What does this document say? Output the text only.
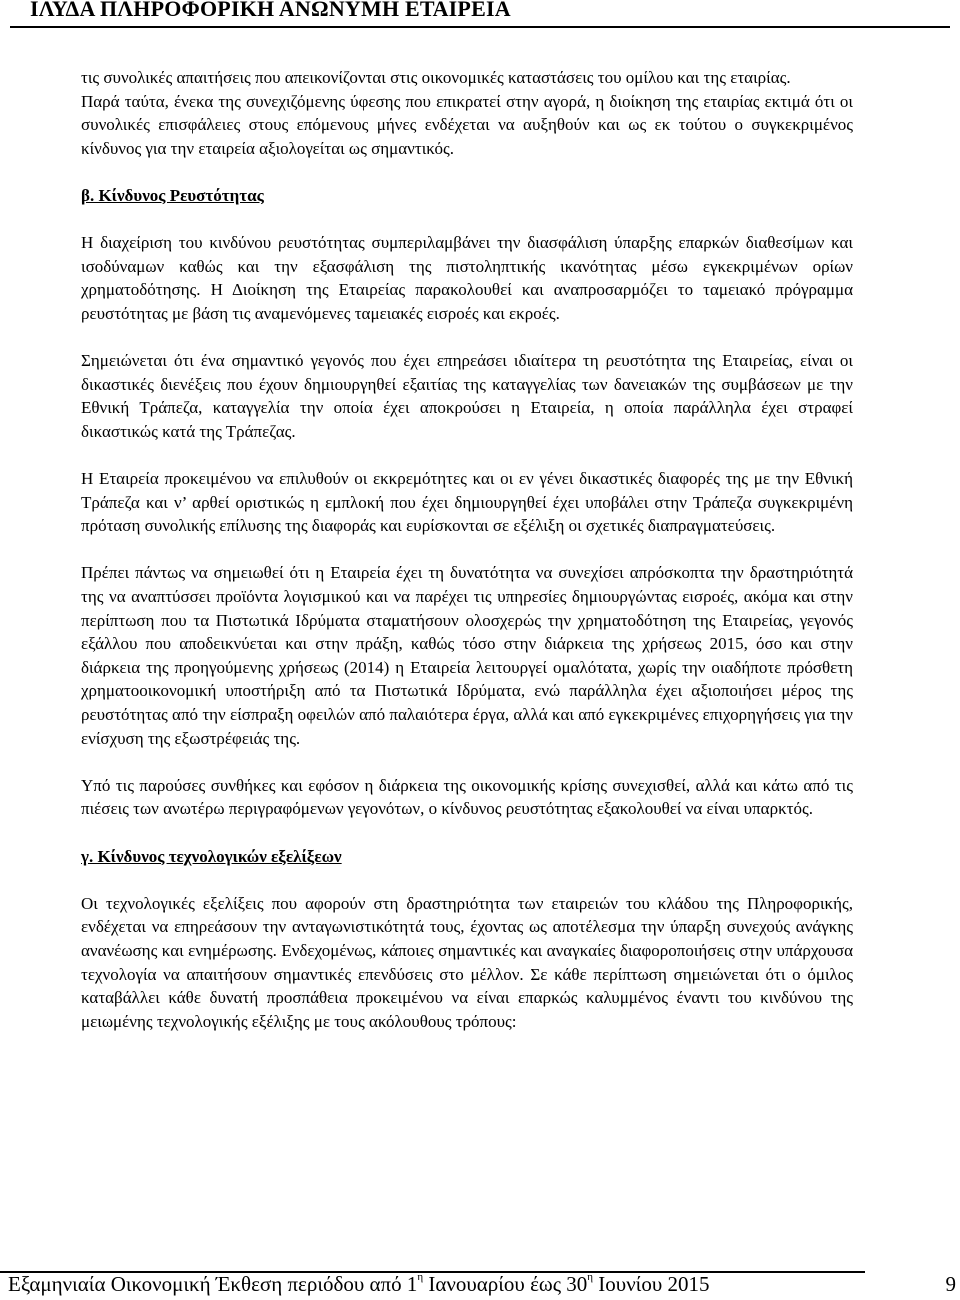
ΙΛΥΔΑ ΠΛΗΡΟΦΟΡΙΚΗ ΑΝΩΝΥΜΗ ΕΤΑΙΡΕΙΑ

τις συνολικές απαιτήσεις που απεικονίζονται στις οικονομικές καταστάσεις του ομίλου και της εταιρίας.

Παρά ταύτα, ένεκα της συνεχιζόμενης ύφεσης που επικρατεί στην αγορά, η διοίκηση της εταιρίας εκτιμά ότι οι συνολικές επισφάλειες στους επόμενους μήνες ενδέχεται να αυξηθούν και ως εκ τούτου ο συγκεκριμένος κίνδυνος για την εταιρεία αξιολογείται ως σημαντικός.

β. Κίνδυνος Ρευστότητας

Η διαχείριση του κινδύνου ρευστότητας συμπεριλαμβάνει την διασφάλιση ύπαρξης επαρκών διαθεσίμων και ισοδύναμων καθώς και την εξασφάλιση της πιστοληπτικής ικανότητας μέσω εγκεκριμένων ορίων χρηματοδότησης. Η Διοίκηση της Εταιρείας παρακολουθεί και αναπροσαρμόζει το ταμειακό πρόγραμμα ρευστότητας με βάση τις αναμενόμενες ταμειακές εισροές και εκροές.

Σημειώνεται ότι ένα σημαντικό γεγονός που έχει επηρεάσει ιδιαίτερα τη ρευστότητα της Εταιρείας, είναι οι δικαστικές διενέξεις που έχουν δημιουργηθεί εξαιτίας της καταγγελίας των δανειακών της συμβάσεων με την Εθνική Τράπεζα, καταγγελία την οποία έχει αποκρούσει η Εταιρεία, η οποία παράλληλα έχει στραφεί δικαστικώς κατά της Τράπεζας.

Η Εταιρεία προκειμένου να επιλυθούν οι εκκρεμότητες και οι εν γένει δικαστικές διαφορές της με την Εθνική Τράπεζα και ν’ αρθεί οριστικώς η εμπλοκή που έχει δημιουργηθεί έχει υποβάλει στην Τράπεζα συγκεκριμένη πρόταση συνολικής επίλυσης της διαφοράς και ευρίσκονται σε εξέλιξη οι σχετικές διαπραγματεύσεις.

Πρέπει πάντως να σημειωθεί ότι η Εταιρεία έχει τη δυνατότητα να συνεχίσει απρόσκοπτα την δραστηριότητά της να αναπτύσσει προϊόντα λογισμικού και να παρέχει τις υπηρεσίες δημιουργώντας εισροές, ακόμα και στην περίπτωση που τα Πιστωτικά Ιδρύματα σταματήσουν ολοσχερώς την χρηματοδότηση της Εταιρείας, γεγονός εξάλλου που αποδεικνύεται και στην πράξη, καθώς τόσο στην διάρκεια της χρήσεως 2015, όσο και στην διάρκεια της προηγούμενης χρήσεως (2014) η Εταιρεία λειτουργεί ομαλότατα, χωρίς την οιαδήποτε πρόσθετη χρηματοοικονομική υποστήριξη από τα Πιστωτικά Ιδρύματα, ενώ παράλληλα έχει αξιοποιήσει μέρος της ρευστότητας από την είσπραξη οφειλών από παλαιότερα έργα, αλλά και από εγκεκριμένες επιχορηγήσεις για την ενίσχυση της εξωστρέφειάς της.

Υπό τις παρούσες συνθήκες και εφόσον η διάρκεια της οικονομικής κρίσης συνεχισθεί, αλλά και κάτω από τις πιέσεις των ανωτέρω περιγραφόμενων γεγονότων, ο κίνδυνος ρευστότητας εξακολουθεί να είναι υπαρκτός.

γ. Κίνδυνος τεχνολογικών εξελίξεων

Οι τεχνολογικές εξελίξεις που αφορούν στη δραστηριότητα των εταιρειών του κλάδου της Πληροφορικής, ενδέχεται να επηρεάσουν την ανταγωνιστικότητά τους, έχοντας ως αποτέλεσμα την ύπαρξη συνεχούς ανάγκης ανανέωσης και ενημέρωσης. Ενδεχομένως, κάποιες σημαντικές και αναγκαίες διαφοροποιήσεις στην υπάρχουσα τεχνολογία να απαιτήσουν σημαντικές επενδύσεις στο μέλλον. Σε κάθε περίπτωση σημειώνεται ότι ο όμιλος καταβάλλει κάθε δυνατή προσπάθεια προκειμένου να είναι επαρκώς καλυμμένος έναντι του κινδύνου της μειωμένης τεχνολογικής εξέλιξης με τους ακόλουθους τρόπους:

Εξαμηνιαία Οικονομική Έκθεση περιόδου από $1^\eta$ Ιανουαρίου έως $30^\eta$ Ιουνίου 2015	9
